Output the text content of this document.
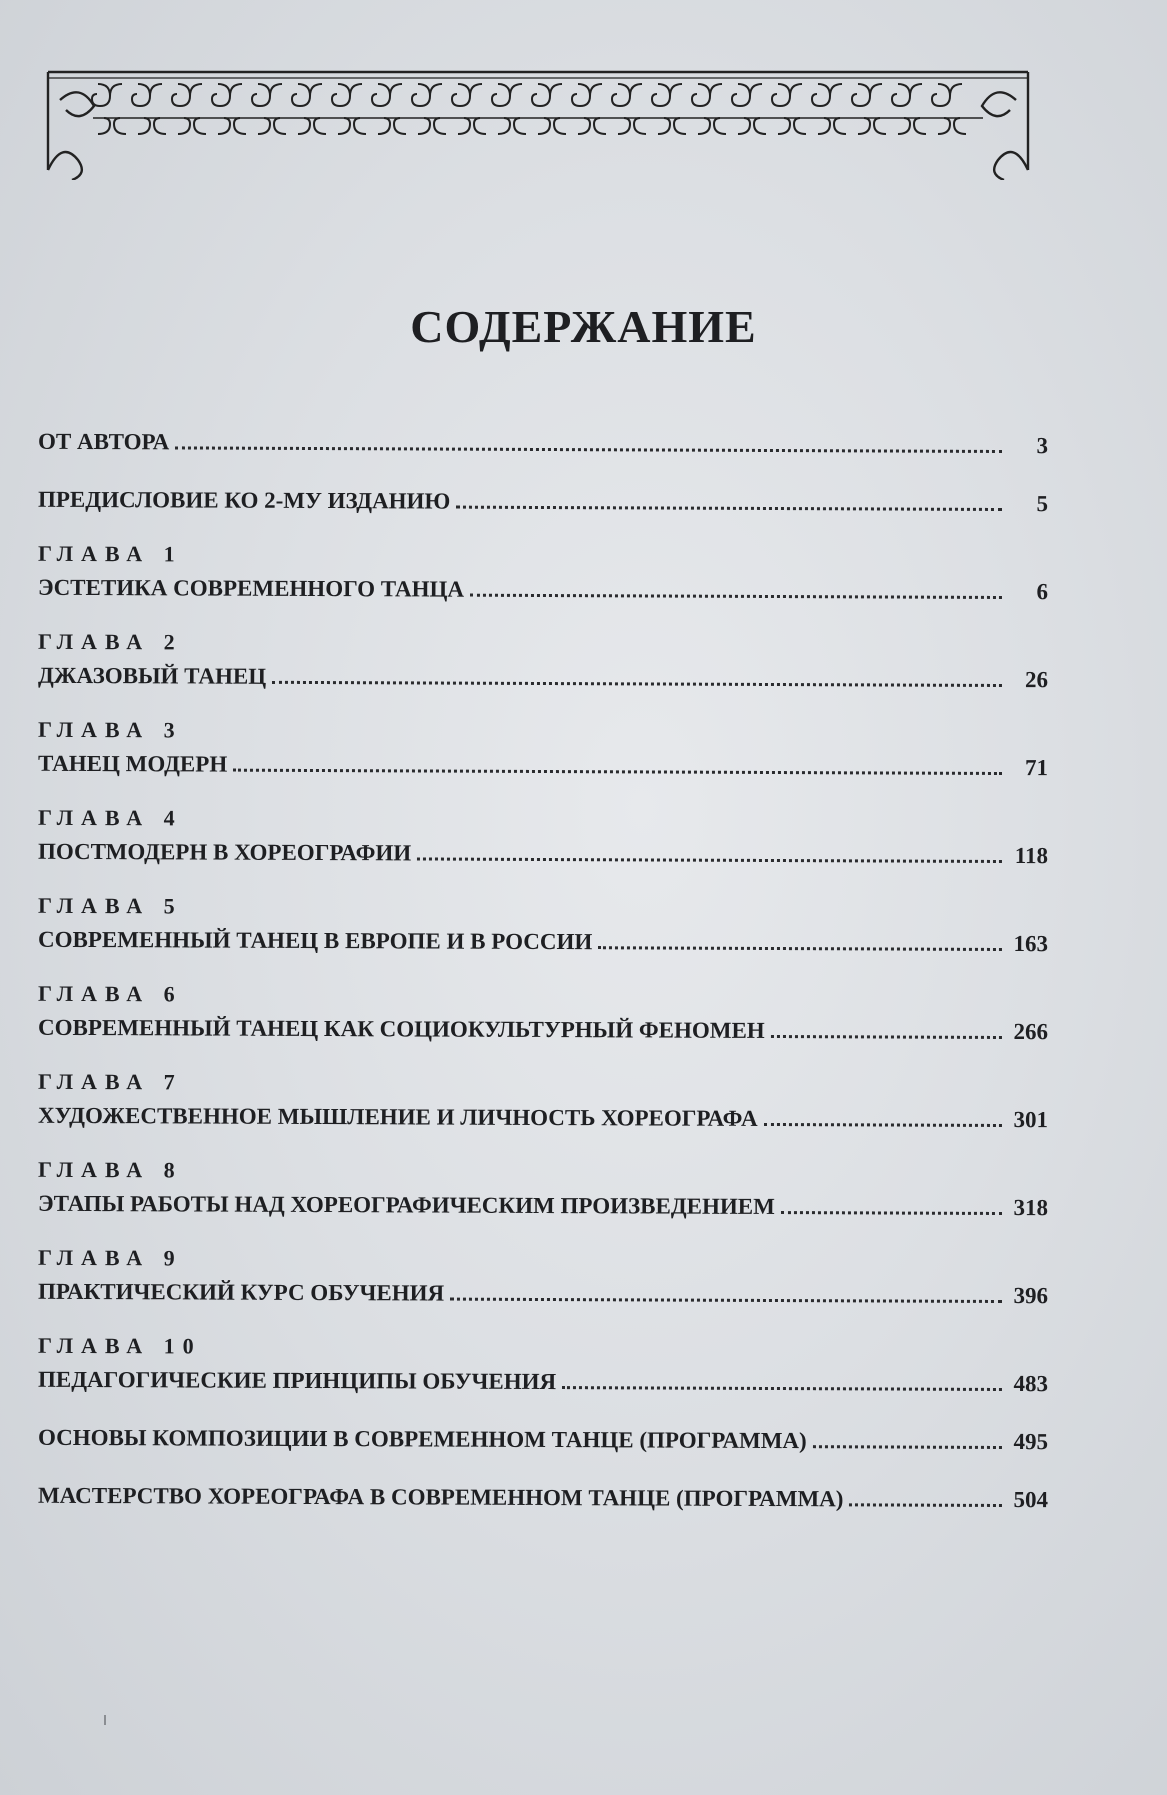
СОДЕРЖАНИЕ
ОТ АВТОРА	3
ПРЕДИСЛОВИЕ КО 2-МУ ИЗДАНИЮ	5
ГЛАВА 1
ЭСТЕТИКА СОВРЕМЕННОГО ТАНЦА	6
ГЛАВА 2
ДЖАЗОВЫЙ ТАНЕЦ	26
ГЛАВА 3
ТАНЕЦ МОДЕРН	71
ГЛАВА 4
ПОСТМОДЕРН В ХОРЕОГРАФИИ	118
ГЛАВА 5
СОВРЕМЕННЫЙ ТАНЕЦ В ЕВРОПЕ И В РОССИИ	163
ГЛАВА 6
СОВРЕМЕННЫЙ ТАНЕЦ КАК СОЦИОКУЛЬТУРНЫЙ ФЕНОМЕН	266
ГЛАВА 7
ХУДОЖЕСТВЕННОЕ МЫШЛЕНИЕ И ЛИЧНОСТЬ ХОРЕОГРАФА	301
ГЛАВА 8
ЭТАПЫ РАБОТЫ НАД ХОРЕОГРАФИЧЕСКИМ ПРОИЗВЕДЕНИЕМ	318
ГЛАВА 9
ПРАКТИЧЕСКИЙ КУРС ОБУЧЕНИЯ	396
ГЛАВА 10
ПЕДАГОГИЧЕСКИЕ ПРИНЦИПЫ ОБУЧЕНИЯ	483
ОСНОВЫ КОМПОЗИЦИИ В СОВРЕМЕННОМ ТАНЦЕ (ПРОГРАММА)	495
МАСТЕРСТВО ХОРЕОГРАФА В СОВРЕМЕННОМ ТАНЦЕ (ПРОГРАММА)	504
